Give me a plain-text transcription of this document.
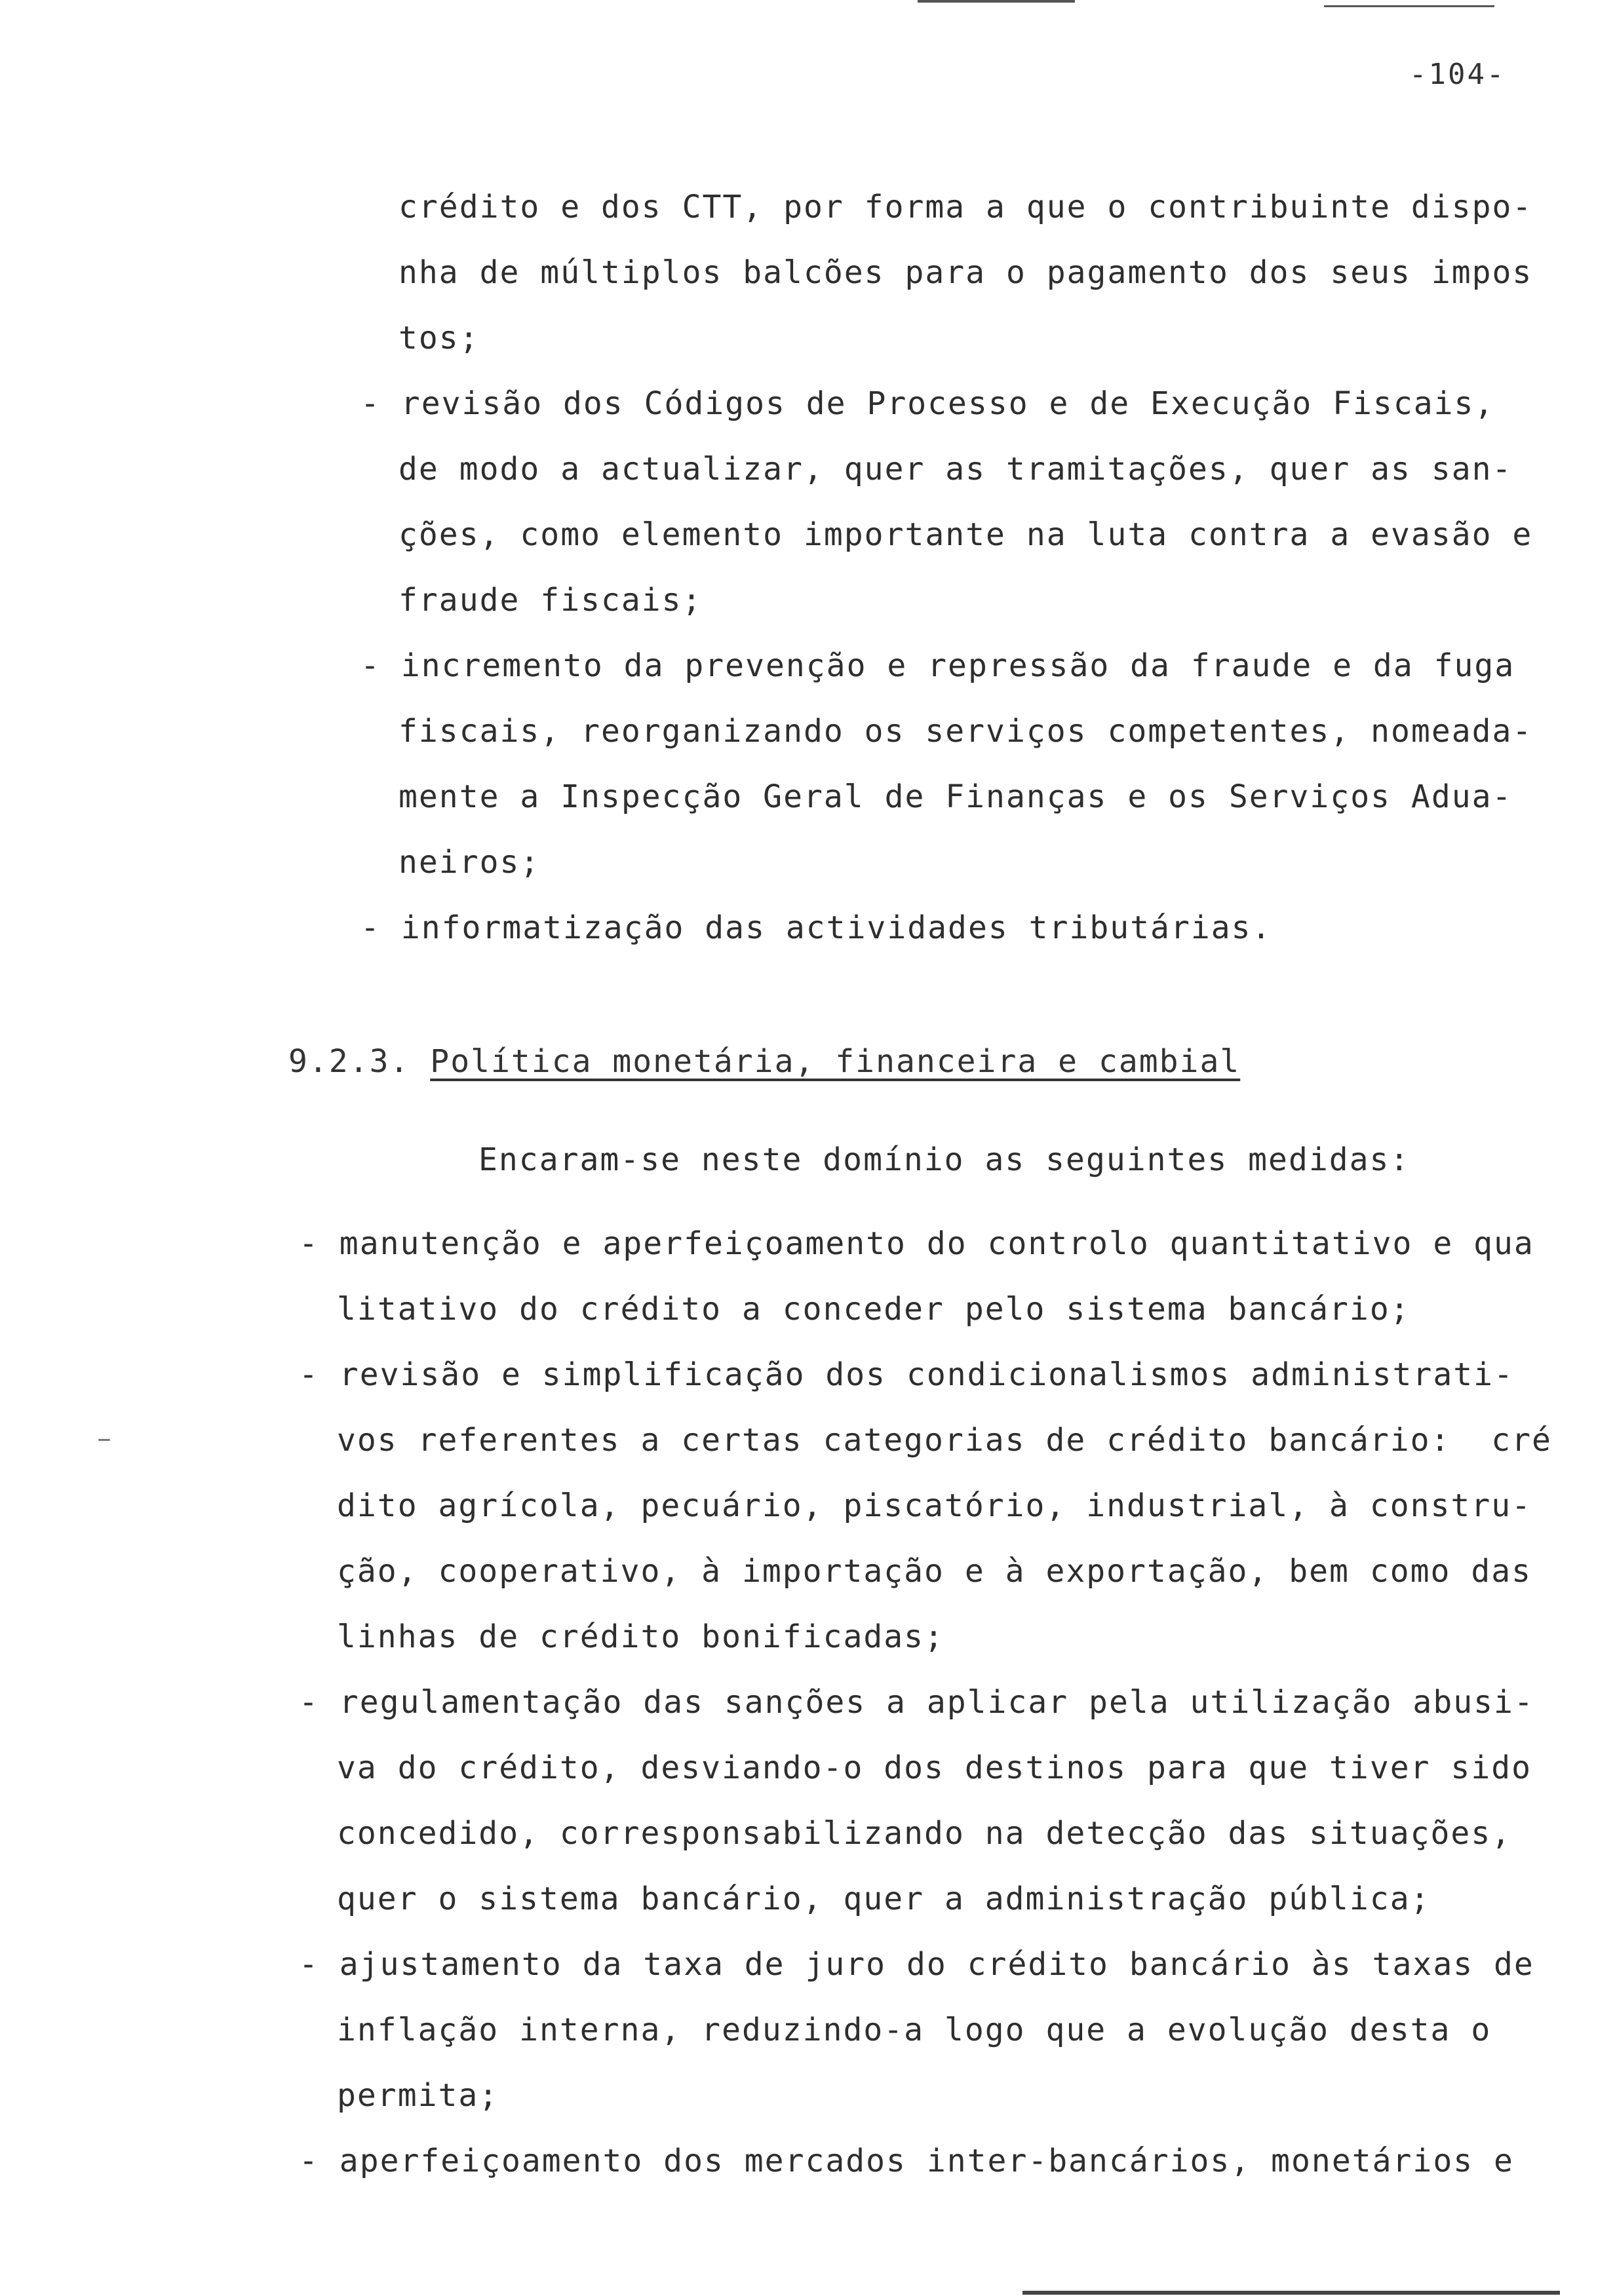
-104-
crédito e dos CTT, por forma a que o contribuinte dispo-
nha de múltiplos balcões para o pagamento dos seus impos
tos;
- revisão dos Códigos de Processo e de Execução Fiscais,
de modo a actualizar, quer as tramitações, quer as san-
ções, como elemento importante na luta contra a evasão e
fraude fiscais;
- incremento da prevenção e repressão da fraude e da fuga
fiscais, reorganizando os serviços competentes, nomeada-
mente a Inspecção Geral de Finanças e os Serviços Adua-
neiros;
- informatização das actividades tributárias.
9.2.3. Política monetária, financeira e cambial
Encaram-se neste domínio as seguintes medidas:
- manutenção e aperfeiçoamento do controlo quantitativo e qua
litativo do crédito a conceder pelo sistema bancário;
- revisão e simplificação dos condicionalismos administrati-
vos referentes a certas categorias de crédito bancário:  cré
dito agrícola, pecuário, piscatório, industrial, à constru-
ção, cooperativo, à importação e à exportação, bem como das
linhas de crédito bonificadas;
- regulamentação das sanções a aplicar pela utilização abusi-
va do crédito, desviando-o dos destinos para que tiver sido
concedido, corresponsabilizando na detecção das situações,
quer o sistema bancário, quer a administração pública;
- ajustamento da taxa de juro do crédito bancário às taxas de
inflação interna, reduzindo-a logo que a evolução desta o
permita;
- aperfeiçoamento dos mercados inter-bancários, monetários e
